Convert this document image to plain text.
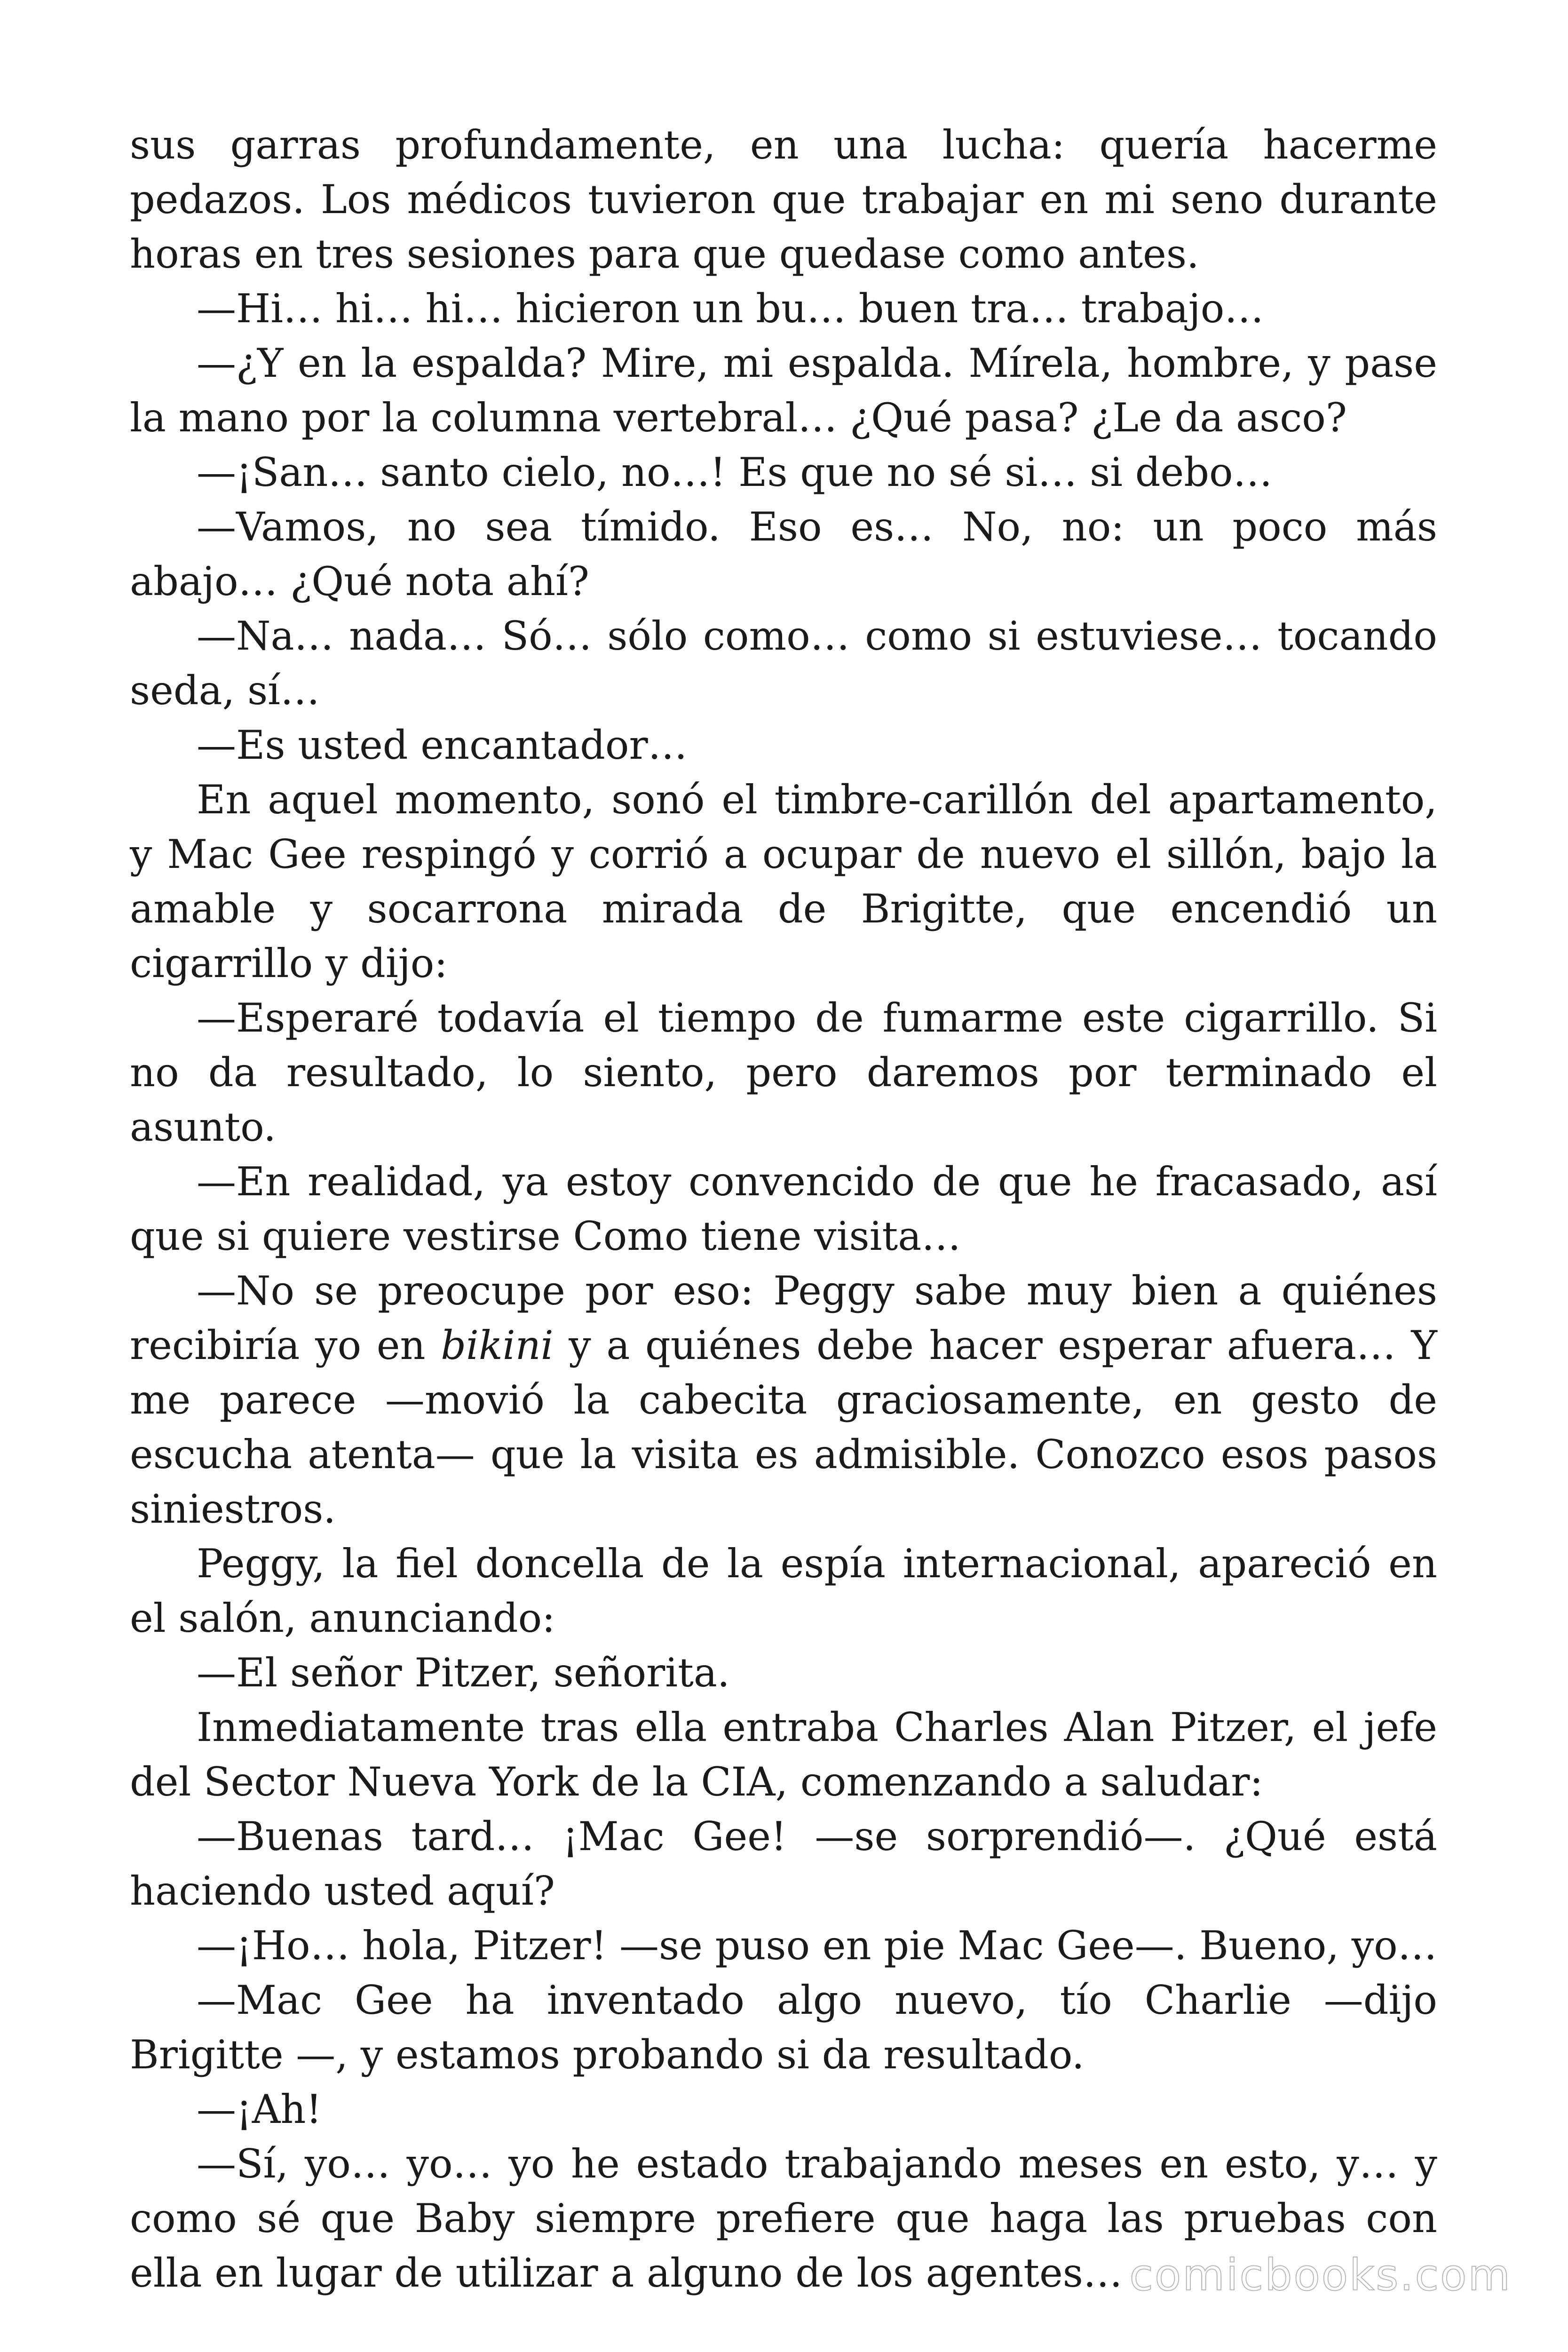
sus garras profundamente, en una lucha: quería hacerme pedazos. Los médicos tuvieron que trabajar en mi seno durante horas en tres sesiones para que quedase como antes.

—Hi… hi… hi… hicieron un bu… buen tra… trabajo…

—¿Y en la espalda? Mire, mi espalda. Mírela, hombre, y pase la mano por la columna vertebral… ¿Qué pasa? ¿Le da asco?

—¡San… santo cielo, no…! Es que no sé si… si debo…

—Vamos, no sea tímido. Eso es… No, no: un poco más abajo… ¿Qué nota ahí?

—Na… nada… Só… sólo como… como si estuviese… tocando seda, sí…

—Es usted encantador…

En aquel momento, sonó el timbre-carillón del apartamento, y Mac Gee respingó y corrió a ocupar de nuevo el sillón, bajo la amable y socarrona mirada de Brigitte, que encendió un cigarrillo y dijo:

—Esperaré todavía el tiempo de fumarme este cigarrillo. Si no da resultado, lo siento, pero daremos por terminado el asunto.

—En realidad, ya estoy convencido de que he fracasado, así que si quiere vestirse Como tiene visita…

—No se preocupe por eso: Peggy sabe muy bien a quiénes recibiría yo en bikini y a quiénes debe hacer esperar afuera… Y me parece —movió la cabecita graciosamente, en gesto de escucha atenta— que la visita es admisible. Conozco esos pasos siniestros.

Peggy, la fiel doncella de la espía internacional, apareció en el salón, anunciando:

—El señor Pitzer, señorita.

Inmediatamente tras ella entraba Charles Alan Pitzer, el jefe del Sector Nueva York de la CIA, comenzando a saludar:

—Buenas tard… ¡Mac Gee! —se sorprendió—. ¿Qué está haciendo usted aquí?

—¡Ho… hola, Pitzer! —se puso en pie Mac Gee—. Bueno, yo…

—Mac Gee ha inventado algo nuevo, tío Charlie —dijo Brigitte —, y estamos probando si da resultado.

—¡Ah!

—Sí, yo… yo… yo he estado trabajando meses en esto, y… y como sé que Baby siempre prefiere que haga las pruebas con ella en lugar de utilizar a alguno de los agentes… comicbooks.com
